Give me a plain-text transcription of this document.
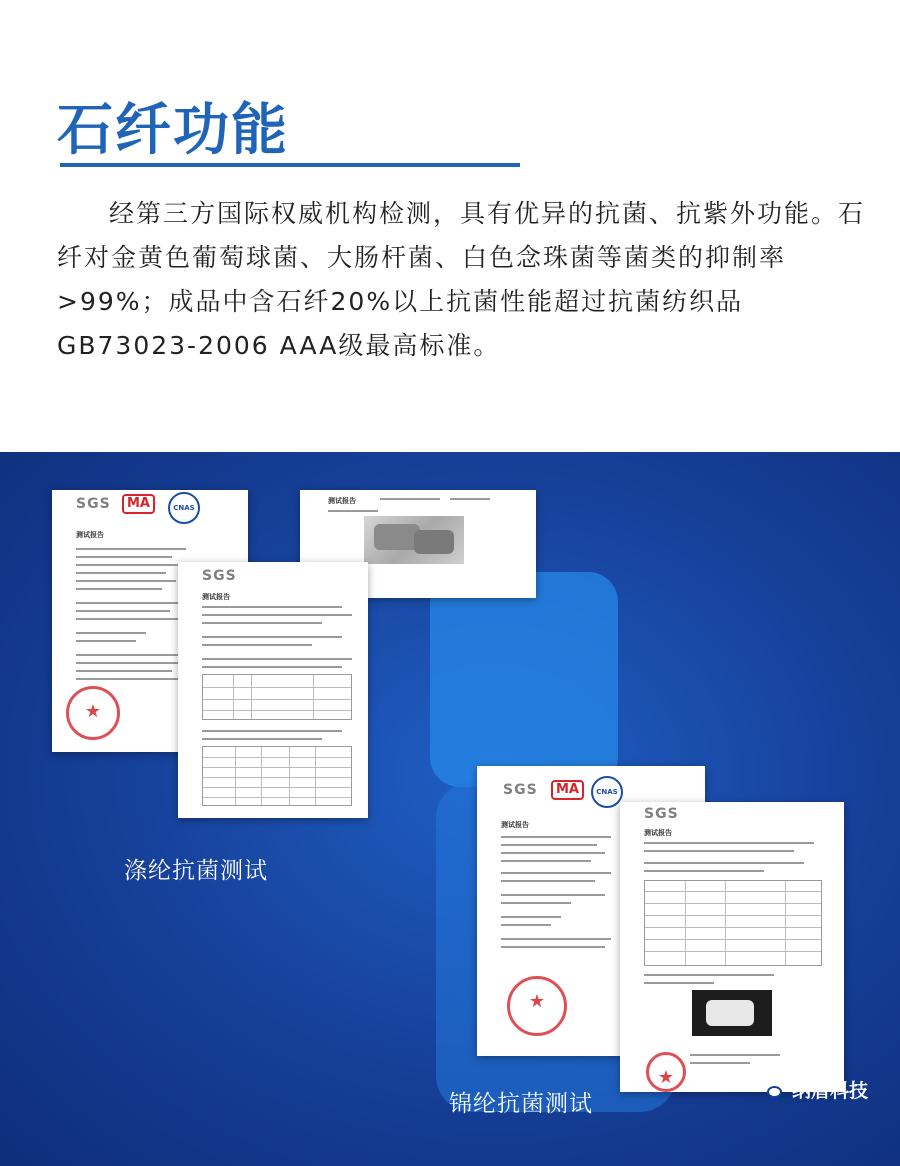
石纤功能

经第三方国际权威机构检测，具有优异的抗菌、抗紫外功能。石纤对金黄色葡萄球菌、大肠杆菌、白色念珠菌等菌类的抑制率>99%；成品中含石纤20%以上抗菌性能超过抗菌纺织品GB73023-2006 AAA级最高标准。

SGS	MA	CNAS
测试报告
★
测试报告
SGS
测试报告
SGS	MA	CNAS
测试报告
★
SGS
测试报告
★
涤纶抗菌测试
锦纶抗菌测试
纳盾科技
